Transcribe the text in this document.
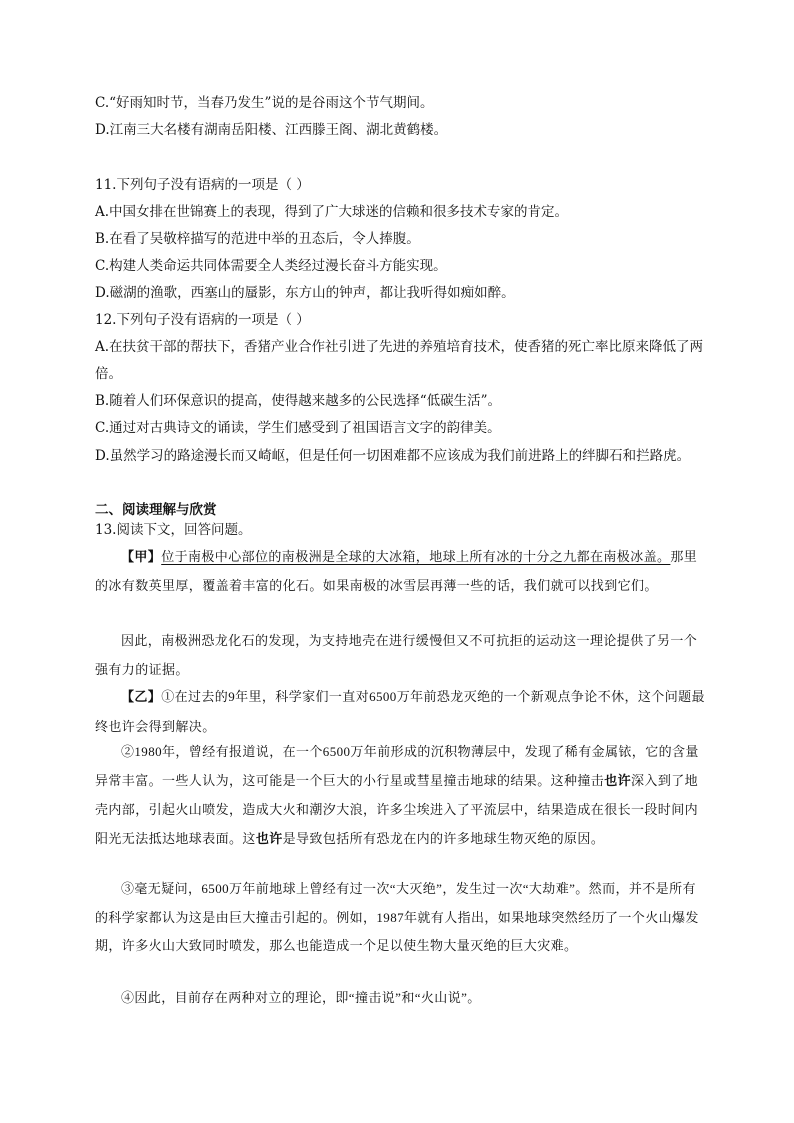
C.“好雨知时节，当春乃发生”说的是谷雨这个节气期间。
D.江南三大名楼有湖南岳阳楼、江西滕王阁、湖北黄鹤楼。
11.下列句子没有语病的一项是（ ）
A.中国女排在世锦赛上的表现，得到了广大球迷的信赖和很多技术专家的肯定。
B.在看了吴敬梓描写的范进中举的丑态后，令人捧腹。
C.构建人类命运共同体需要全人类经过漫长奋斗方能实现。
D.磁湖的渔歌，西塞山的蜃影，东方山的钟声，都让我听得如痴如醉。
12.下列句子没有语病的一项是（ ）
A.在扶贫干部的帮扶下，香猪产业合作社引进了先进的养殖培育技术，使香猪的死亡率比原来降低了两倍。
B.随着人们环保意识的提高，使得越来越多的公民选择“低碳生活”。
C.通过对古典诗文的诵读，学生们感受到了祖国语言文字的韵律美。
D.虽然学习的路途漫长而又崎岖，但是任何一切困难都不应该成为我们前进路上的绊脚石和拦路虎。
二、阅读理解与欣赏
13.阅读下文，回答问题。
【甲】位于南极中心部位的南极洲是全球的大冰箱，地球上所有冰的十分之九都在南极冰盖。那里的冰有数英里厚，覆盖着丰富的化石。如果南极的冰雪层再薄一些的话，我们就可以找到它们。
因此，南极洲恐龙化石的发现，为支持地壳在进行缓慢但又不可抗拒的运动这一理论提供了另一个强有力的证据。
【乙】①在过去的9年里，科学家们一直对6500万年前恐龙灭绝的一个新观点争论不休，这个问题最终也许会得到解决。
②1980年，曾经有报道说，在一个6500万年前形成的沉积物薄层中，发现了稀有金属铱，它的含量异常丰富。一些人认为，这可能是一个巨大的小行星或彗星撞击地球的结果。这种撞击也许深入到了地壳内部，引起火山喷发，造成大火和潮汐大浪，许多尘埃进入了平流层中，结果造成在很长一段时间内阳光无法抵达地球表面。这也许是导致包括所有恐龙在内的许多地球生物灭绝的原因。
③毫无疑问，6500万年前地球上曾经有过一次“大灭绝”，发生过一次“大劫难”。然而，并不是所有的科学家都认为这是由巨大撞击引起的。例如，1987年就有人指出，如果地球突然经历了一个火山爆发期，许多火山大致同时喷发，那么也能造成一个足以使生物大量灭绝的巨大灾难。
④因此，目前存在两种对立的理论，即“撞击说”和“火山说”。
